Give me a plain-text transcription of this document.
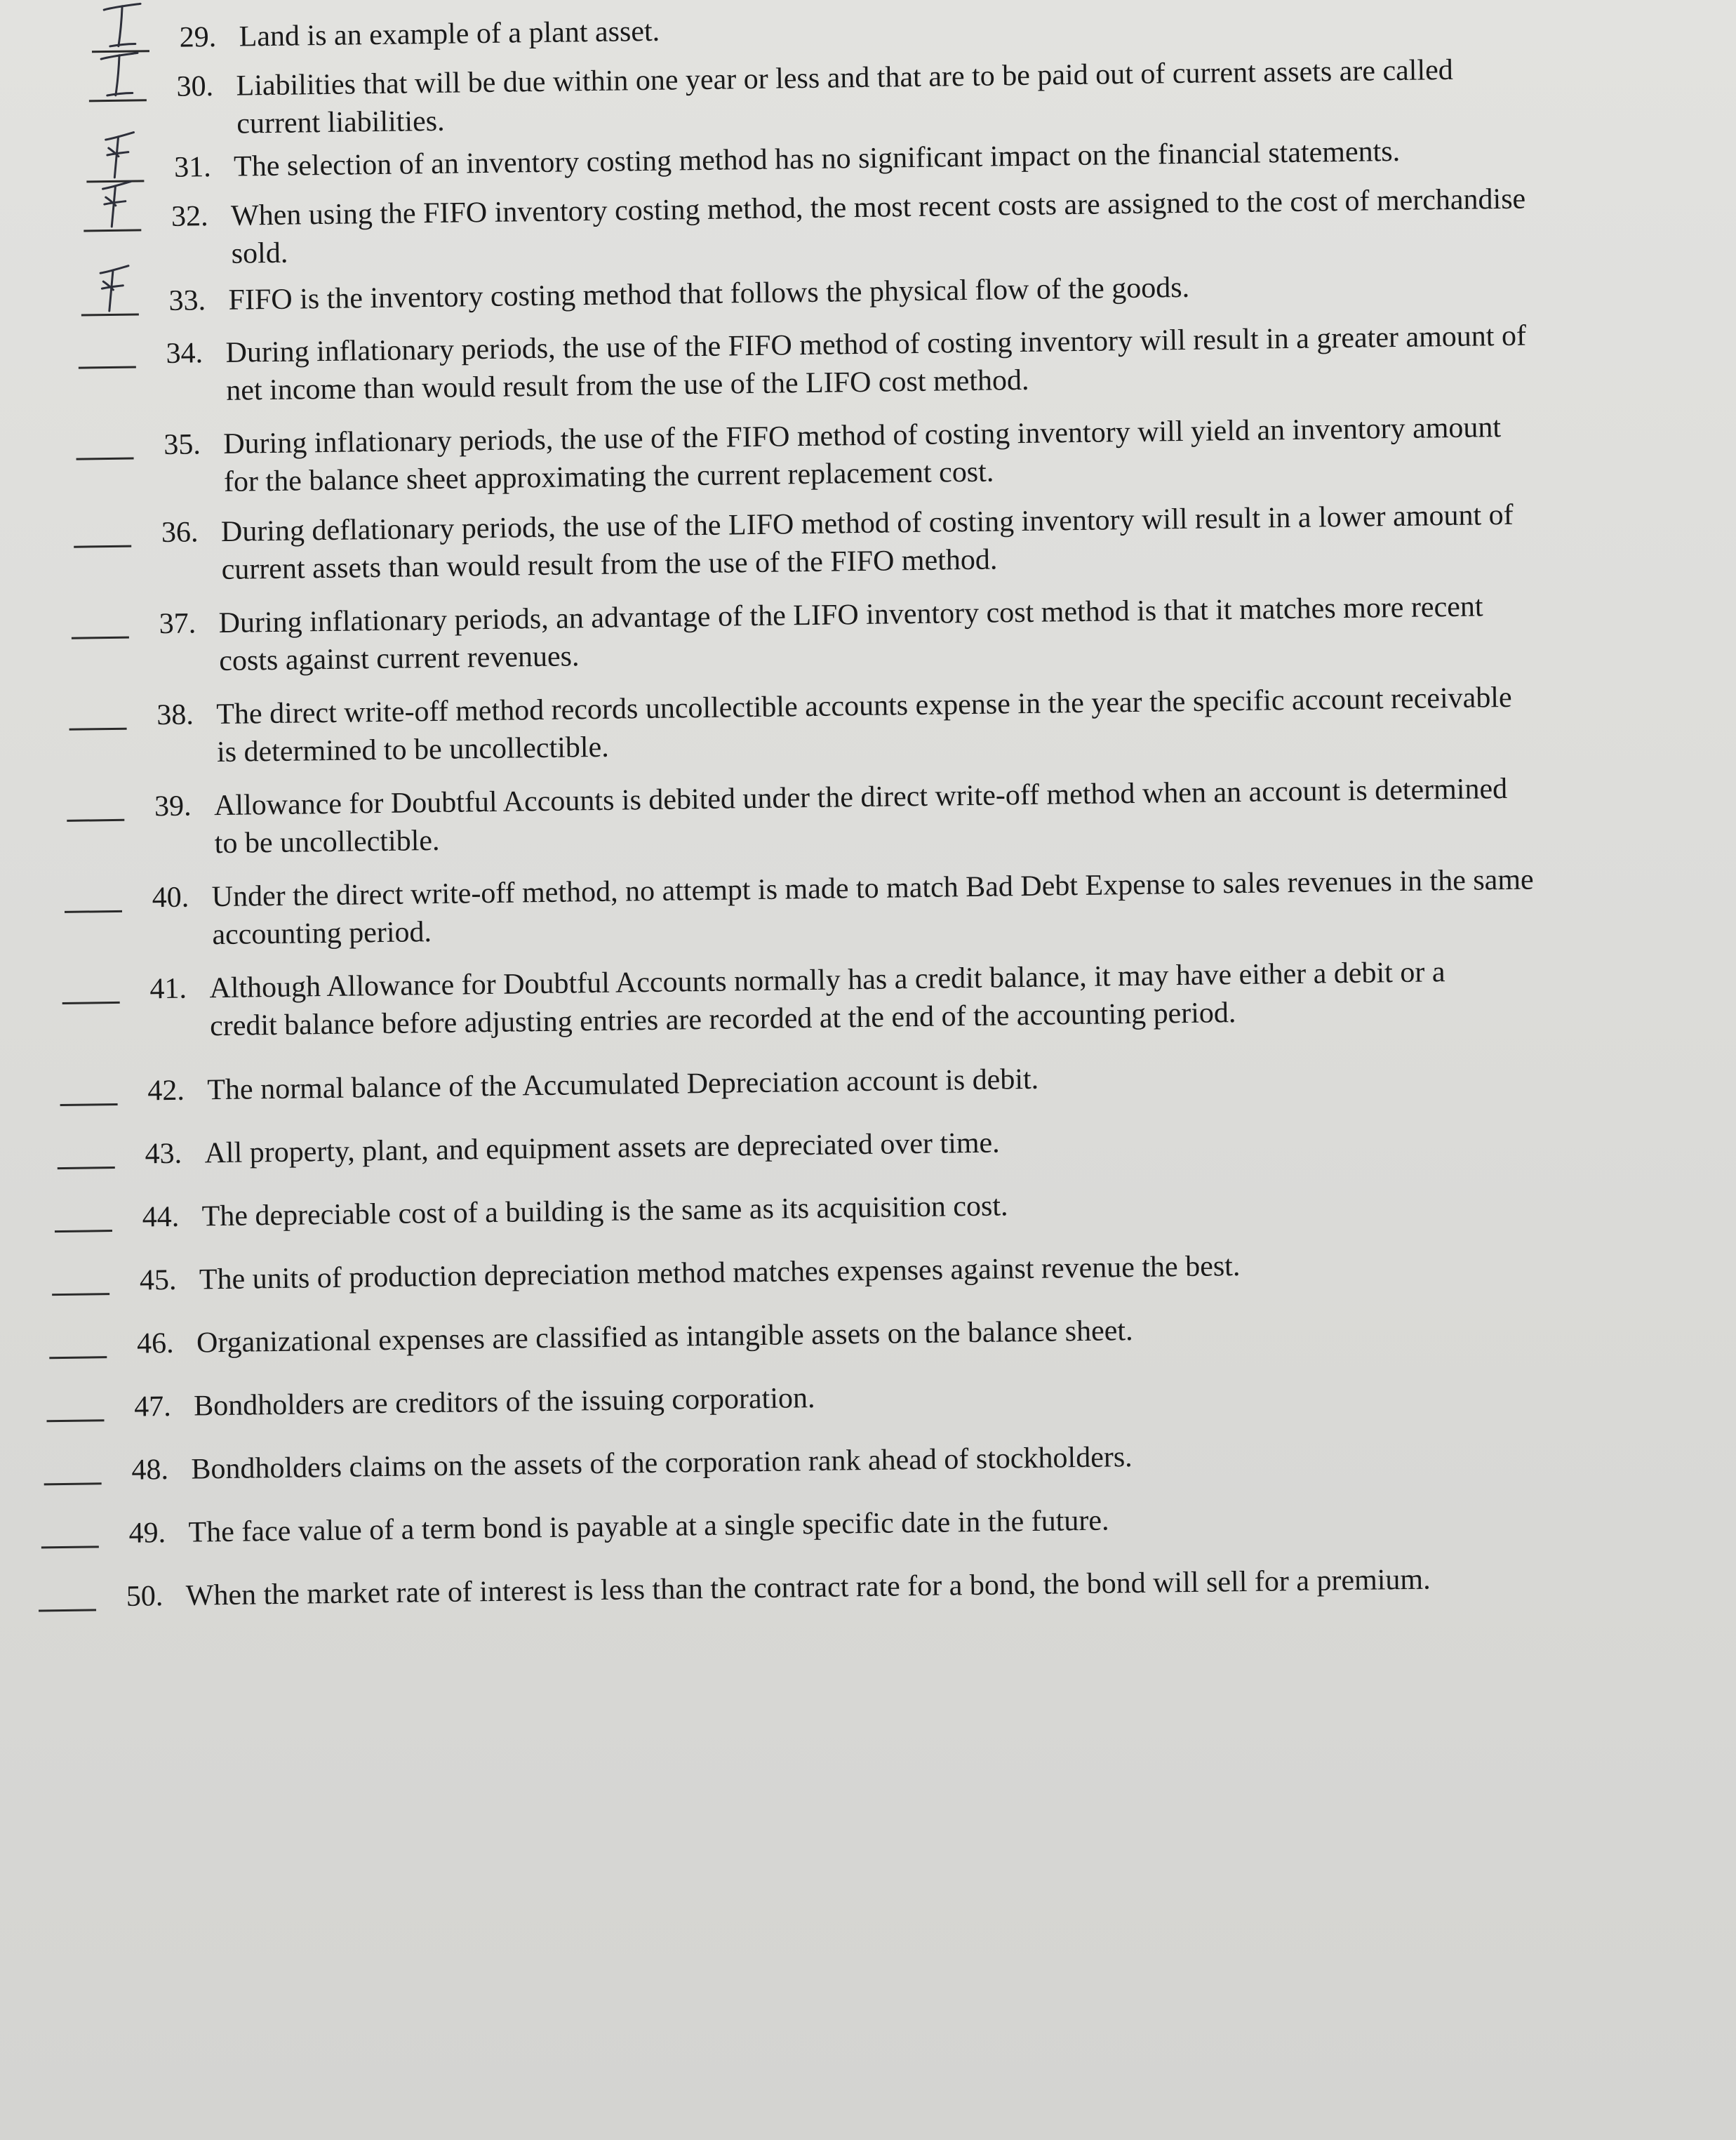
29. Land is an example of a plant asset.
30. Liabilities that will be due within one year or less and that are to be paid out of current assets are called
current liabilities.
31. The selection of an inventory costing method has no significant impact on the financial statements.
32. When using the FIFO inventory costing method, the most recent costs are assigned to the cost of merchandise
sold.
33. FIFO is the inventory costing method that follows the physical flow of the goods.
34. During inflationary periods, the use of the FIFO method of costing inventory will result in a greater amount of
net income than would result from the use of the LIFO cost method.
35. During inflationary periods, the use of the FIFO method of costing inventory will yield an inventory amount
for the balance sheet approximating the current replacement cost.
36. During deflationary periods, the use of the LIFO method of costing inventory will result in a lower amount of
current assets than would result from the use of the FIFO method.
37. During inflationary periods, an advantage of the LIFO inventory cost method is that it matches more recent
costs against current revenues.
38. The direct write-off method records uncollectible accounts expense in the year the specific account receivable
is determined to be uncollectible.
39. Allowance for Doubtful Accounts is debited under the direct write-off method when an account is determined
to be uncollectible.
40. Under the direct write-off method, no attempt is made to match Bad Debt Expense to sales revenues in the same
accounting period.
41. Although Allowance for Doubtful Accounts normally has a credit balance, it may have either a debit or a
credit balance before adjusting entries are recorded at the end of the accounting period.
42. The normal balance of the Accumulated Depreciation account is debit.
43. All property, plant, and equipment assets are depreciated over time.
44. The depreciable cost of a building is the same as its acquisition cost.
45. The units of production depreciation method matches expenses against revenue the best.
46. Organizational expenses are classified as intangible assets on the balance sheet.
47. Bondholders are creditors of the issuing corporation.
48. Bondholders claims on the assets of the corporation rank ahead of stockholders.
49. The face value of a term bond is payable at a single specific date in the future.
50. When the market rate of interest is less than the contract rate for a bond, the bond will sell for a premium.
